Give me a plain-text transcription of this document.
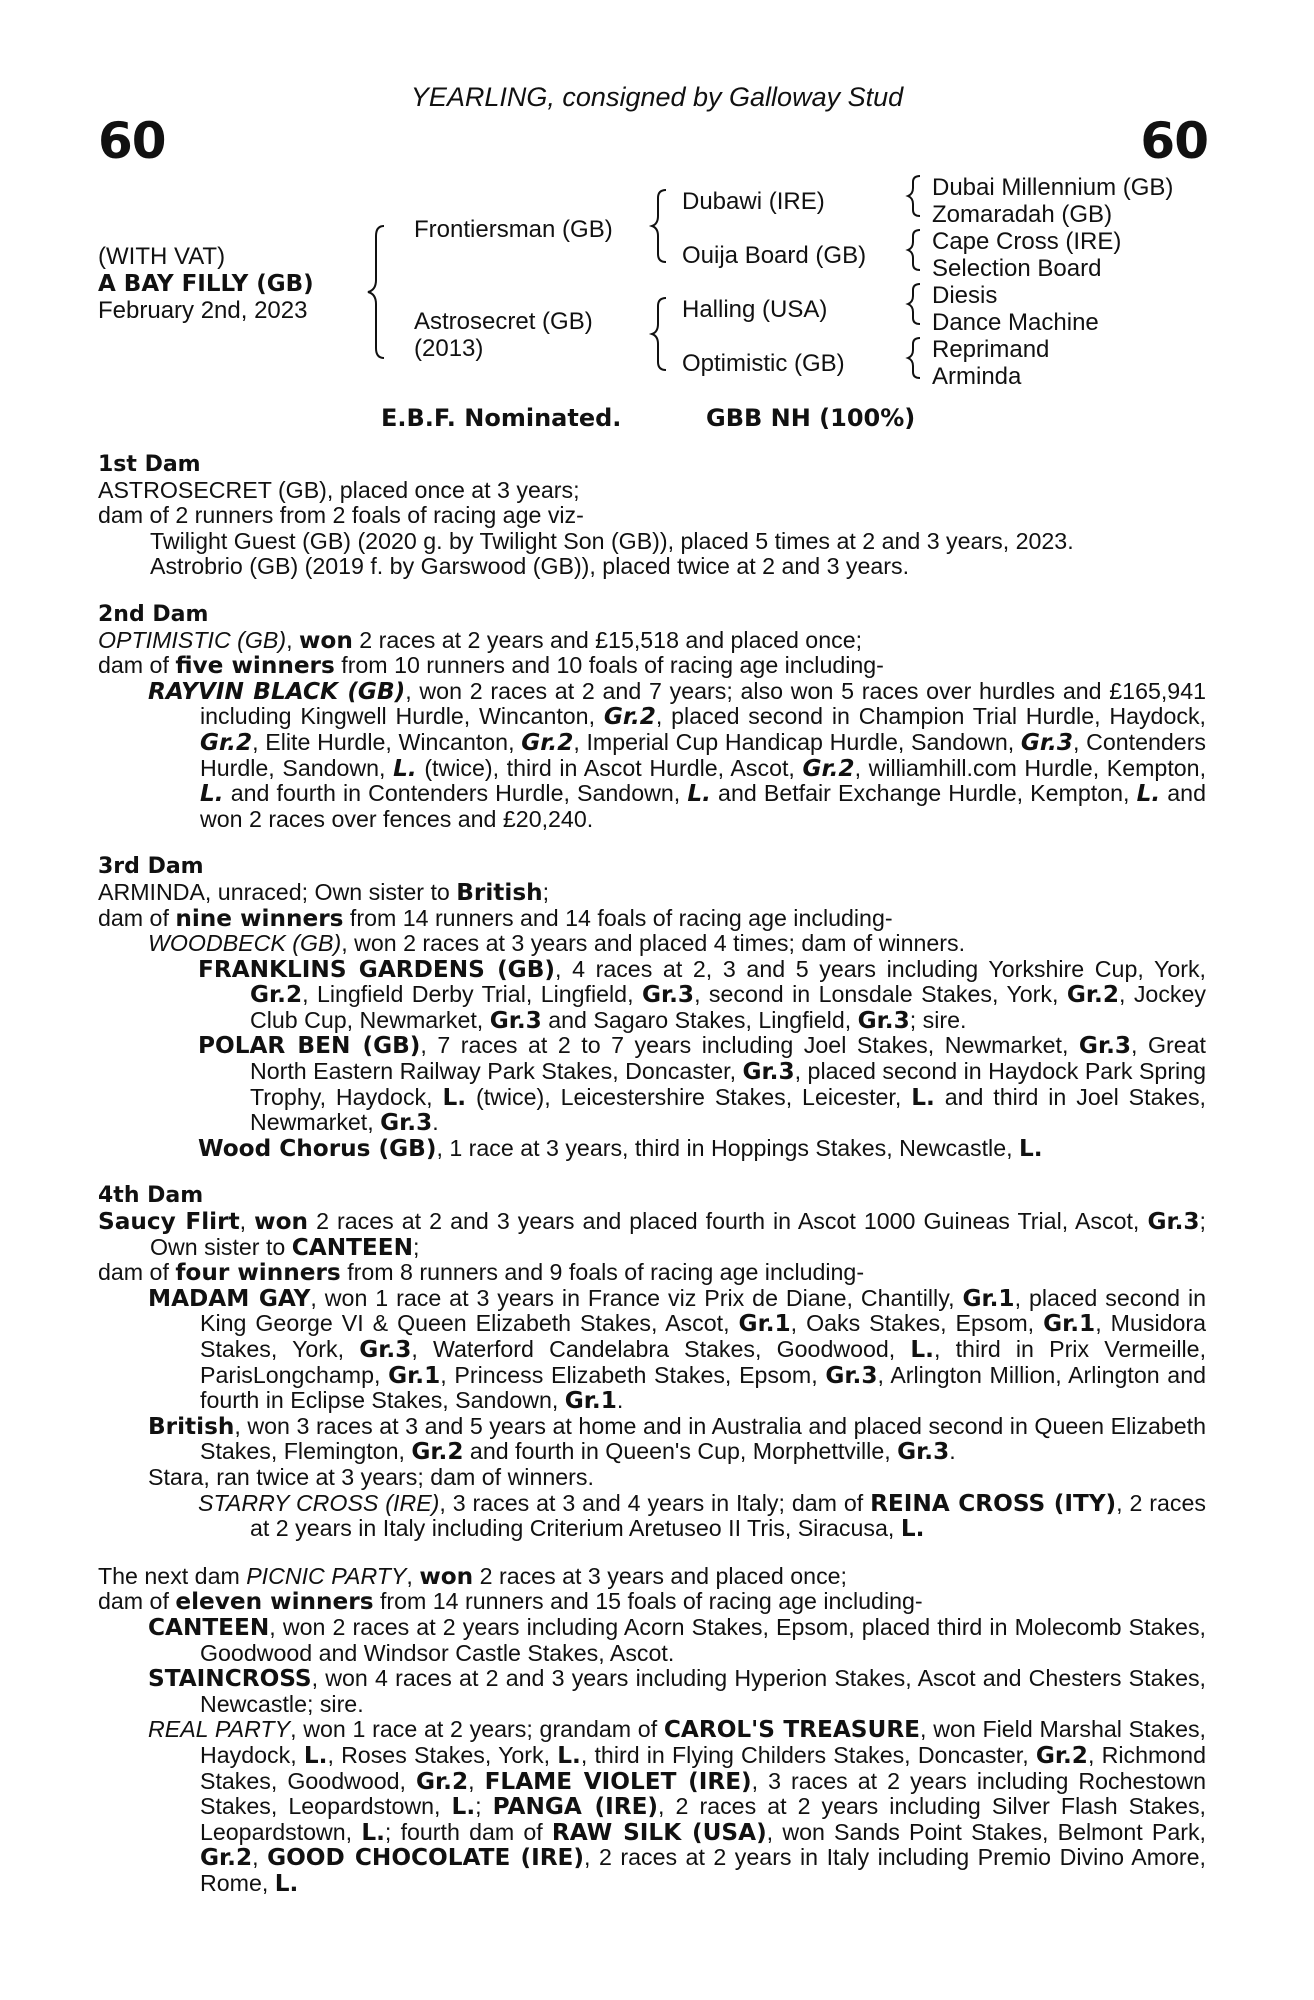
60
YEARLING, consigned by Galloway Stud
60
(WITH VAT)
A BAY FILLY (GB)
February 2nd, 2023
Frontiersman (GB)
Astrosecret (GB)
(2013)
Dubawi (IRE)
Ouija Board (GB)
Halling (USA)
Optimistic (GB)
Dubai Millennium (GB)
Zomaradah (GB)
Cape Cross (IRE)
Selection Board
Diesis
Dance Machine
Reprimand
Arminda
E.B.F. Nominated.	GBB NH (100%)
1st Dam
ASTROSECRET (GB), placed once at 3 years;
dam of 2 runners from 2 foals of racing age viz-
Twilight Guest (GB) (2020 g. by Twilight Son (GB)), placed 5 times at 2 and 3 years, 2023.
Astrobrio (GB) (2019 f. by Garswood (GB)), placed twice at 2 and 3 years.
2nd Dam
OPTIMISTIC (GB), won 2 races at 2 years and £15,518 and placed once;
dam of five winners from 10 runners and 10 foals of racing age including-
RAYVIN BLACK (GB), won 2 races at 2 and 7 years; also won 5 races over hurdles and £165,941 including Kingwell Hurdle, Wincanton, Gr.2, placed second in Champion Trial Hurdle, Haydock, Gr.2, Elite Hurdle, Wincanton, Gr.2, Imperial Cup Handicap Hurdle, Sandown, Gr.3, Contenders Hurdle, Sandown, L. (twice), third in Ascot Hurdle, Ascot, Gr.2, williamhill.com Hurdle, Kempton, L. and fourth in Contenders Hurdle, Sandown, L. and Betfair Exchange Hurdle, Kempton, L. and won 2 races over fences and £20,240.
3rd Dam
ARMINDA, unraced; Own sister to British;
dam of nine winners from 14 runners and 14 foals of racing age including-
WOODBECK (GB), won 2 races at 3 years and placed 4 times; dam of winners.
FRANKLINS GARDENS (GB), 4 races at 2, 3 and 5 years including Yorkshire Cup, York, Gr.2, Lingfield Derby Trial, Lingfield, Gr.3, second in Lonsdale Stakes, York, Gr.2, Jockey Club Cup, Newmarket, Gr.3 and Sagaro Stakes, Lingfield, Gr.3; sire.
POLAR BEN (GB), 7 races at 2 to 7 years including Joel Stakes, Newmarket, Gr.3, Great North Eastern Railway Park Stakes, Doncaster, Gr.3, placed second in Haydock Park Spring Trophy, Haydock, L. (twice), Leicestershire Stakes, Leicester, L. and third in Joel Stakes, Newmarket, Gr.3.
Wood Chorus (GB), 1 race at 3 years, third in Hoppings Stakes, Newcastle, L.
4th Dam
Saucy Flirt, won 2 races at 2 and 3 years and placed fourth in Ascot 1000 Guineas Trial, Ascot, Gr.3; Own sister to CANTEEN;
dam of four winners from 8 runners and 9 foals of racing age including-
MADAM GAY, won 1 race at 3 years in France viz Prix de Diane, Chantilly, Gr.1, placed second in King George VI & Queen Elizabeth Stakes, Ascot, Gr.1, Oaks Stakes, Epsom, Gr.1, Musidora Stakes, York, Gr.3, Waterford Candelabra Stakes, Goodwood, L., third in Prix Vermeille, ParisLongchamp, Gr.1, Princess Elizabeth Stakes, Epsom, Gr.3, Arlington Million, Arlington and fourth in Eclipse Stakes, Sandown, Gr.1.
British, won 3 races at 3 and 5 years at home and in Australia and placed second in Queen Elizabeth Stakes, Flemington, Gr.2 and fourth in Queen's Cup, Morphettville, Gr.3.
Stara, ran twice at 3 years; dam of winners.
STARRY CROSS (IRE), 3 races at 3 and 4 years in Italy; dam of REINA CROSS (ITY), 2 races at 2 years in Italy including Criterium Aretuseo II Tris, Siracusa, L.
The next dam PICNIC PARTY, won 2 races at 3 years and placed once;
dam of eleven winners from 14 runners and 15 foals of racing age including-
CANTEEN, won 2 races at 2 years including Acorn Stakes, Epsom, placed third in Molecomb Stakes, Goodwood and Windsor Castle Stakes, Ascot.
STAINCROSS, won 4 races at 2 and 3 years including Hyperion Stakes, Ascot and Chesters Stakes, Newcastle; sire.
REAL PARTY, won 1 race at 2 years; grandam of CAROL'S TREASURE, won Field Marshal Stakes, Haydock, L., Roses Stakes, York, L., third in Flying Childers Stakes, Doncaster, Gr.2, Richmond Stakes, Goodwood, Gr.2, FLAME VIOLET (IRE), 3 races at 2 years including Rochestown Stakes, Leopardstown, L.; PANGA (IRE), 2 races at 2 years including Silver Flash Stakes, Leopardstown, L.; fourth dam of RAW SILK (USA), won Sands Point Stakes, Belmont Park, Gr.2, GOOD CHOCOLATE (IRE), 2 races at 2 years in Italy including Premio Divino Amore, Rome, L.
